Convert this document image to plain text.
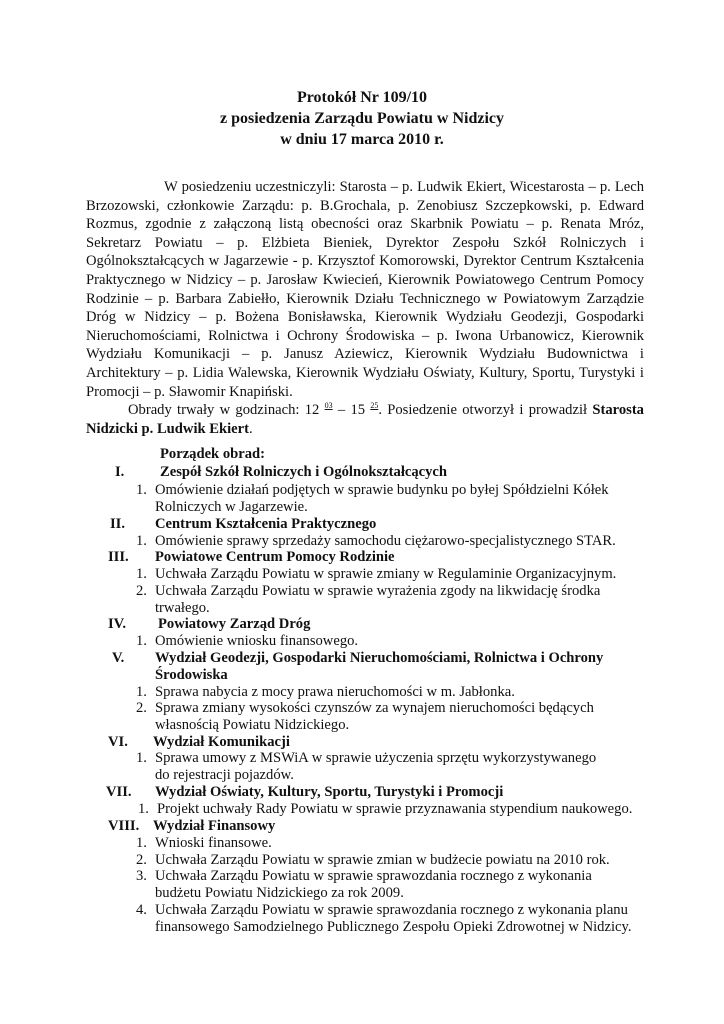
Protokół Nr 109/10
z posiedzenia Zarządu Powiatu w Nidzicy
w dniu 17 marca 2010 r.
W posiedzeniu uczestniczyli: Starosta – p. Ludwik Ekiert, Wicestarosta – p. Lech Brzozowski, członkowie Zarządu: p. B.Grochala, p. Zenobiusz Szczepkowski, p. Edward Rozmus, zgodnie z załączoną listą obecności oraz Skarbnik Powiatu – p. Renata Mróz, Sekretarz Powiatu – p. Elżbieta Bieniek, Dyrektor Zespołu Szkół Rolniczych i Ogólnokształcących w Jagarzewie - p. Krzysztof Komorowski, Dyrektor Centrum Kształcenia Praktycznego w Nidzicy – p. Jarosław Kwiecień, Kierownik Powiatowego Centrum Pomocy Rodzinie – p. Barbara Zabiełło, Kierownik Działu Technicznego w Powiatowym Zarządzie Dróg w Nidzicy – p. Bożena Bonisławska, Kierownik Wydziału Geodezji, Gospodarki Nieruchomościami, Rolnictwa i Ochrony Środowiska – p. Iwona Urbanowicz, Kierownik Wydziału Komunikacji – p. Janusz Aziewicz, Kierownik Wydziału Budownictwa i Architektury – p. Lidia Walewska, Kierownik Wydziału Oświaty, Kultury, Sportu, Turystyki i Promocji – p. Sławomir Knapiński.
Obrady trwały w godzinach: 12 $^{03}$ – 15 $^{25}$. Posiedzenie otworzył i prowadził Starosta Nidzicki p. Ludwik Ekiert.
Porządek obrad:
I. Zespół Szkół Rolniczych i Ogólnokształcących
1. Omówienie działań podjętych w sprawie budynku po byłej Spółdzielni Kółek
Rolniczych w Jagarzewie.
II. Centrum Kształcenia Praktycznego
1. Omówienie sprawy sprzedaży samochodu ciężarowo-specjalistycznego STAR.
III. Powiatowe Centrum Pomocy Rodzinie
1. Uchwała Zarządu Powiatu w sprawie zmiany w Regulaminie Organizacyjnym.
2. Uchwała Zarządu Powiatu w sprawie wyrażenia zgody na likwidację środka
trwałego.
IV. Powiatowy Zarząd Dróg
1. Omówienie wniosku finansowego.
V. Wydział Geodezji, Gospodarki Nieruchomościami, Rolnictwa i Ochrony
Środowiska
1. Sprawa nabycia z mocy prawa nieruchomości w m. Jabłonka.
2. Sprawa zmiany wysokości czynszów za wynajem nieruchomości będących
własnością Powiatu Nidzickiego.
VI. Wydział Komunikacji
1. Sprawa umowy z MSWiA w sprawie użyczenia sprzętu wykorzystywanego
do rejestracji pojazdów.
VII. Wydział Oświaty, Kultury, Sportu, Turystyki i Promocji
1. Projekt uchwały Rady Powiatu w sprawie przyznawania stypendium naukowego.
VIII. Wydział Finansowy
1. Wnioski finansowe.
2. Uchwała Zarządu Powiatu w sprawie zmian w budżecie powiatu na 2010 rok.
3. Uchwała Zarządu Powiatu w sprawie sprawozdania rocznego z wykonania
budżetu Powiatu Nidzickiego za rok 2009.
4. Uchwała Zarządu Powiatu w sprawie sprawozdania rocznego z wykonania planu
finansowego Samodzielnego Publicznego Zespołu Opieki Zdrowotnej w Nidzicy.
